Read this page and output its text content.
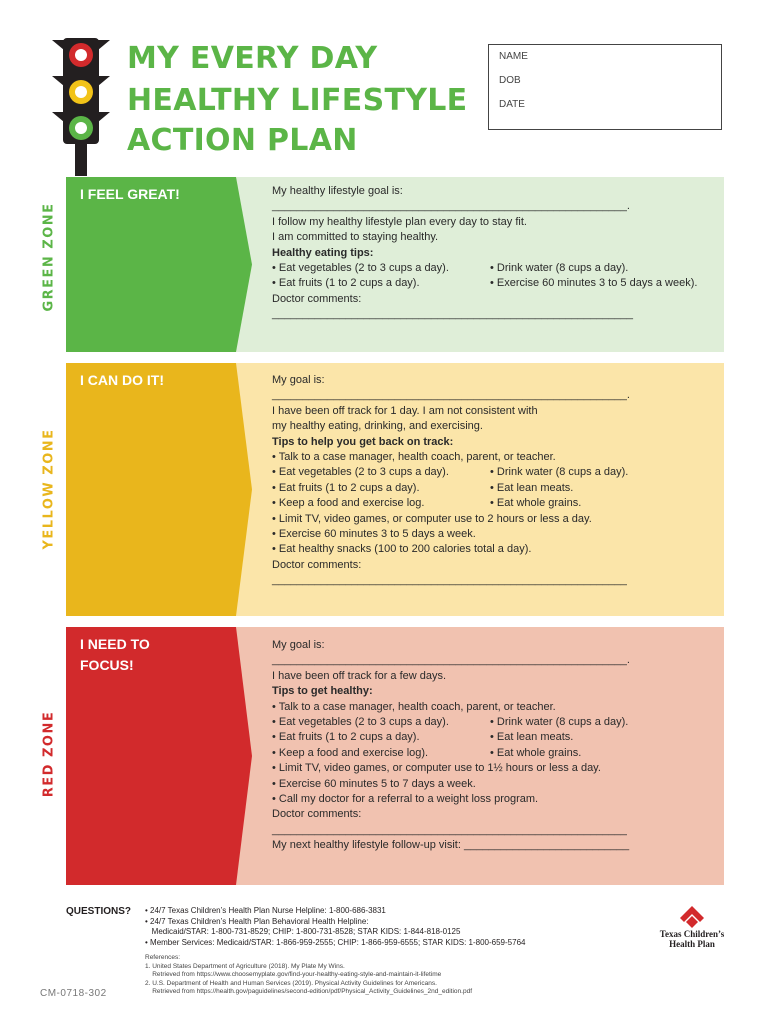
MY EVERY DAY
HEALTHY LIFESTYLE
ACTION PLAN
NAME
DOB
DATE
GREEN ZONE
I FEEL GREAT!	My healthy lifestyle goal is:
__________________________________________________________.
I follow my healthy lifestyle plan every day to stay fit.
I am committed to staying healthy.
Healthy eating tips:
• Eat vegetables (2 to 3 cups a day).	• Drink water (8 cups a day).
• Eat fruits (1 to 2 cups a day).	• Exercise 60 minutes 3 to 5 days a week).
Doctor comments:
___________________________________________________________
YELLOW ZONE
I CAN DO IT!	My goal is:
__________________________________________________________.
I have been off track for 1 day. I am not consistent with
my healthy eating, drinking, and exercising.
Tips to help you get back on track:
• Talk to a case manager, health coach, parent, or teacher.
• Eat vegetables (2 to 3 cups a day).	• Drink water (8 cups a day).
• Eat fruits (1 to 2 cups a day).	• Eat lean meats.
• Keep a food and exercise log.	• Eat whole grains.
• Limit TV, video games, or computer use to 2 hours or less a day.
• Exercise 60 minutes 3 to 5 days a week.
• Eat healthy snacks (100 to 200 calories total a day).
Doctor comments:
__________________________________________________________
RED ZONE
I NEED TO
FOCUS!
My goal is:
__________________________________________________________.
I have been off track for a few days.
Tips to get healthy:
• Talk to a case manager, health coach, parent, or teacher.
• Eat vegetables (2 to 3 cups a day).	• Drink water (8 cups a day).
• Eat fruits (1 to 2 cups a day).	• Eat lean meats.
• Keep a food and exercise log).	• Eat whole grains.
• Limit TV, video games, or computer use to 1½ hours or less a day.
• Exercise 60 minutes 5 to 7 days a week.
• Call my doctor for a referral to a weight loss program.
Doctor comments:
__________________________________________________________
My next healthy lifestyle follow-up visit: ___________________________
QUESTIONS? • 24/7 Texas Children’s Health Plan Nurse Helpline: 1-800-686-3831
• 24/7 Texas Children’s Health Plan Behavioral Health Helpline:
Medicaid/STAR: 1-800-731-8529; CHIP: 1-800-731-8528; STAR KIDS: 1-844-818-0125
• Member Services: Medicaid/STAR: 1-866-959-2555; CHIP: 1-866-959-6555; STAR KIDS: 1-800-659-5764
References:
1. United States Department of Agriculture (2018). My Plate My Wins.
Retrieved from https://www.choosemyplate.gov/find-your-healthy-eating-style-and-maintain-it-lifetime
2. U.S. Department of Health and Human Services (2019). Physical Activity Guidelines for Americans.
Retrieved from https://health.gov/paguidelines/second-edition/pdf/Physical_Activity_Guidelines_2nd_edition.pdf
CM-0718-302
Texas Children’s
Health Plan
